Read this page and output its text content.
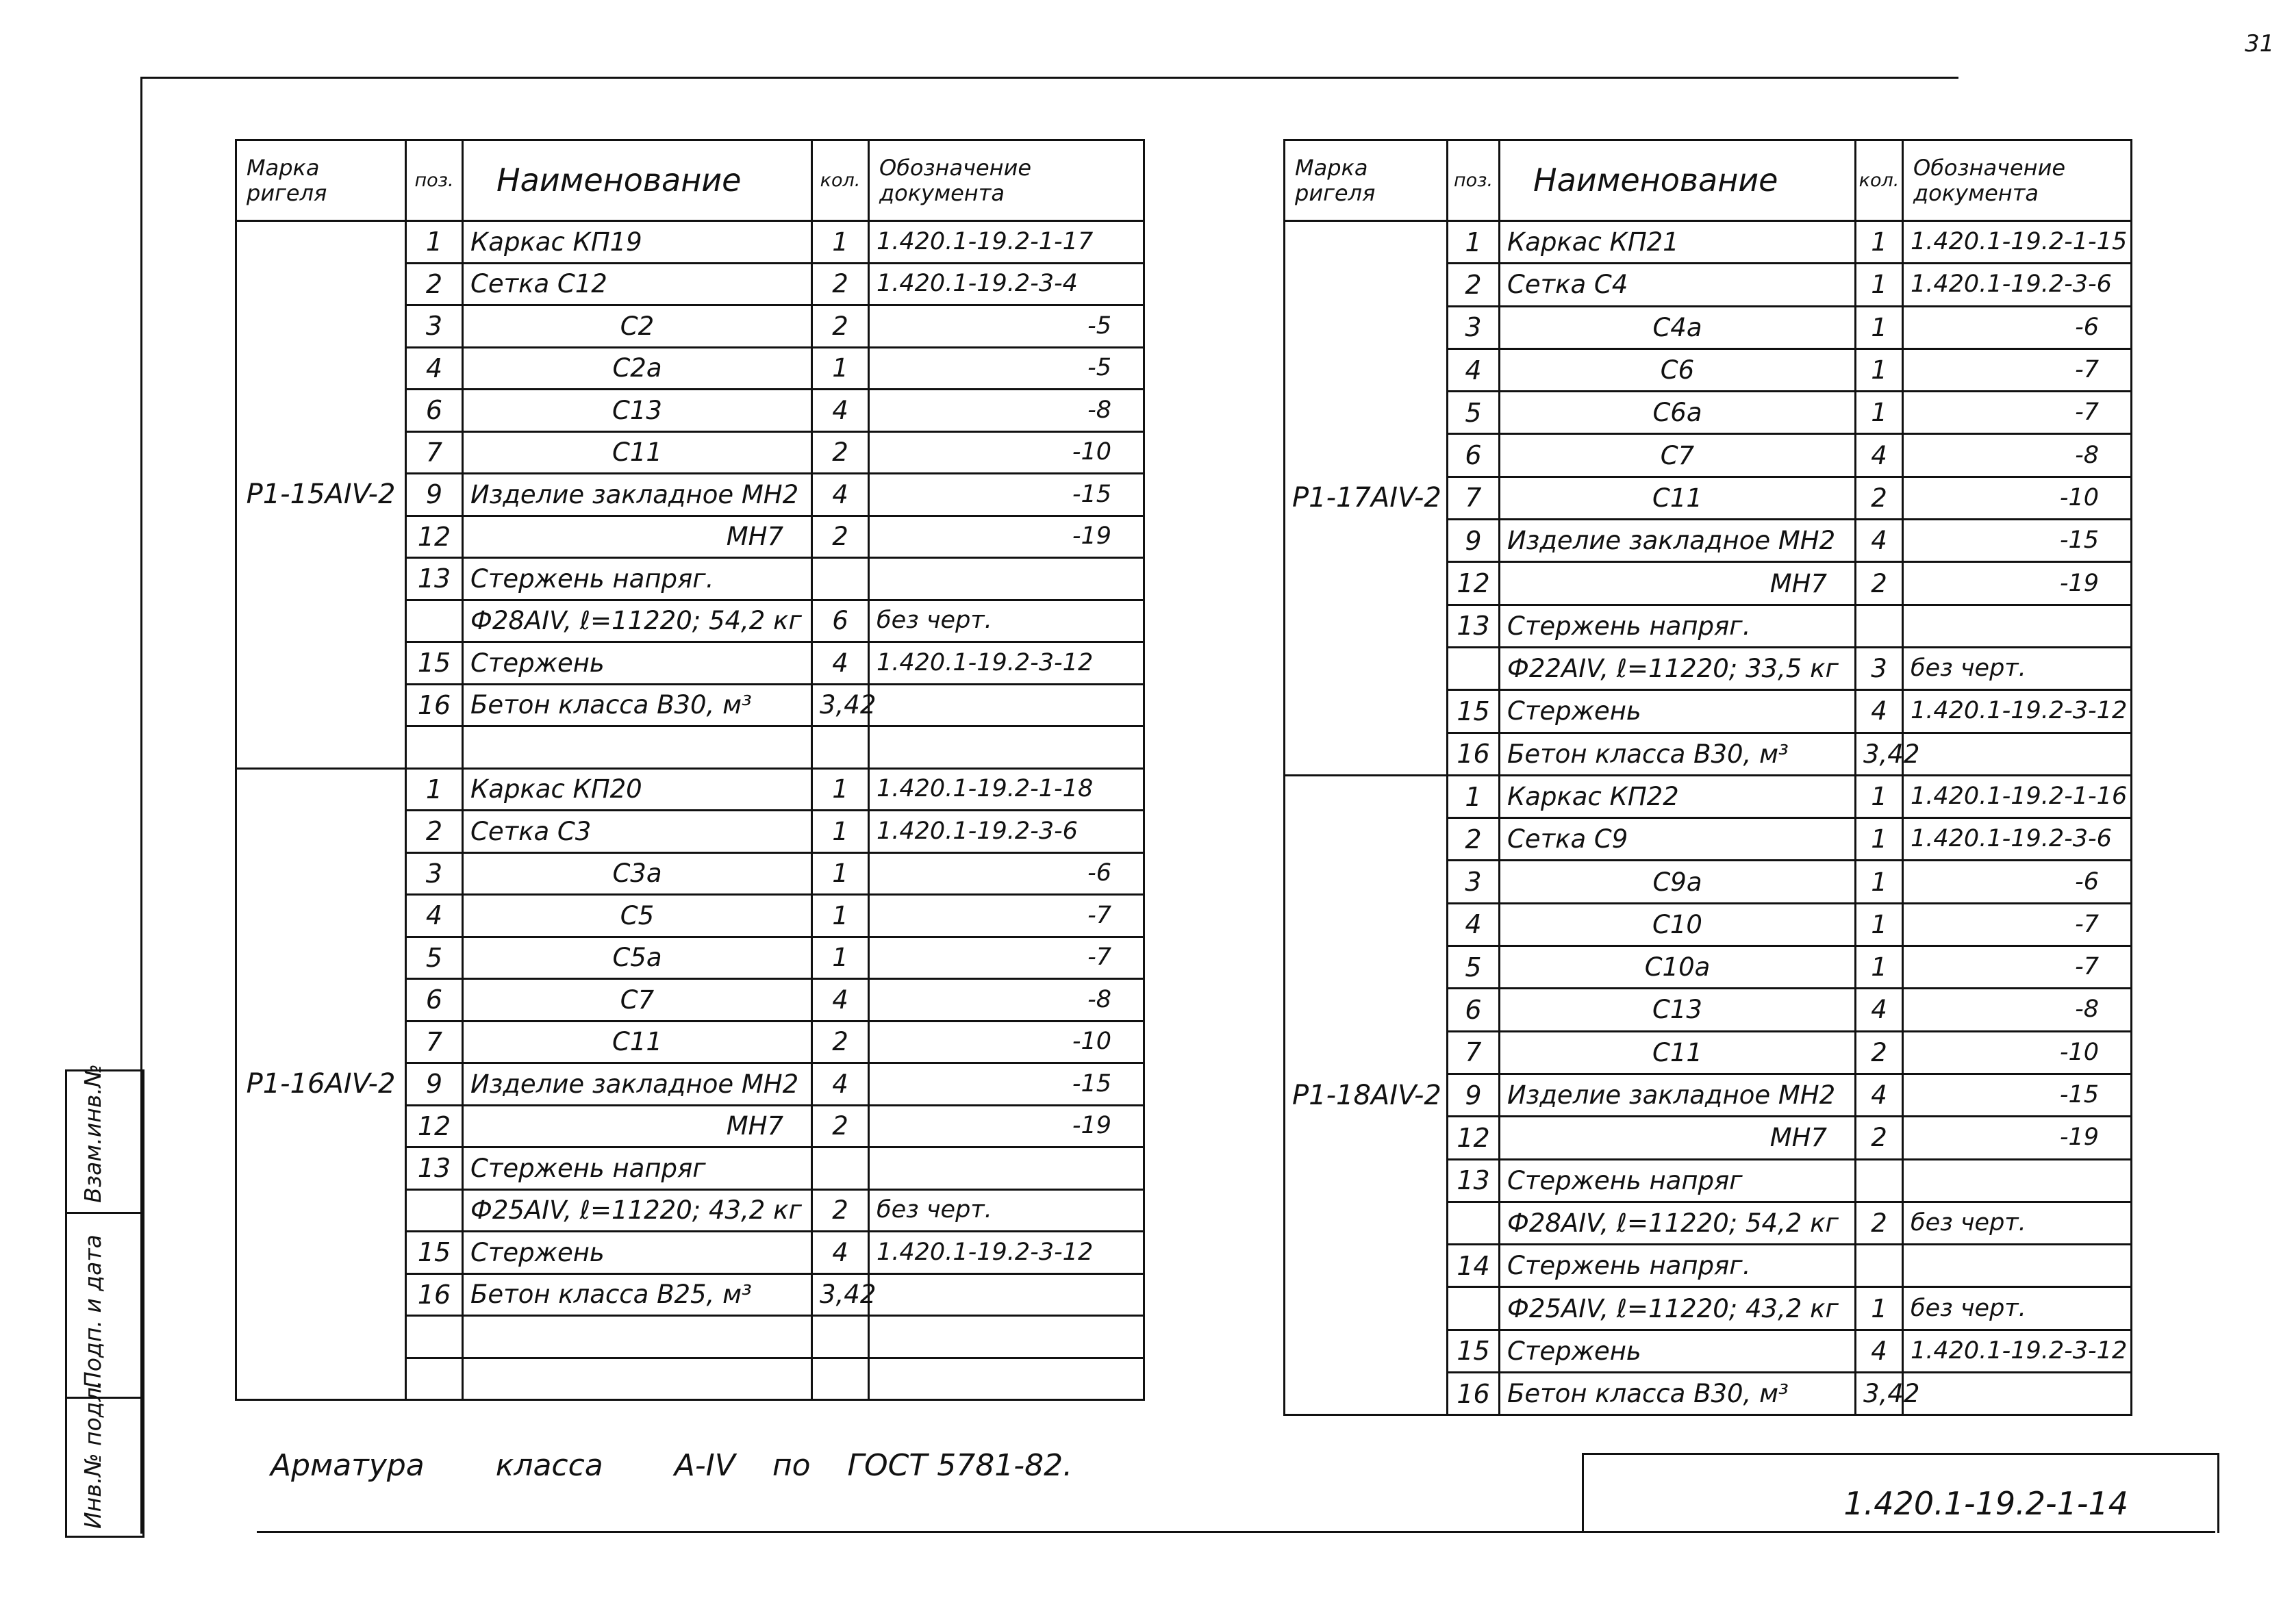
31
Марка ригеля	поз.	Наименование	кол.	Обозначение документа
Р1-15АIV-2	1	Каркас КП19	1	1.420.1-19.2-1-17
	2	Сетка С12	2	1.420.1-19.2-3-4
	3	С2	2	-5
	4	С2а	1	-5
	6	С13	4	-8
	7	С11	2	-10
	9	Изделие закладное МН2	4	-15
	12	МН7	2	-19
	13	Стержень напряг.		
		Ф28АIV, ℓ=11220; 54,2 кг	6	без черт.
	15	Стержень	4	1.420.1-19.2-3-12
	16	Бетон класса В30, м³	3,42	

Р1-16АIV-2	1	Каркас КП20	1	1.420.1-19.2-1-18
	2	Сетка С3	1	1.420.1-19.2-3-6
	3	С3а	1	-6
	4	С5	1	-7
	5	С5а	1	-7
	6	С7	4	-8
	7	С11	2	-10
	9	Изделие закладное МН2	4	-15
	12	МН7	2	-19
	13	Стержень напряг		
		Ф25АIV, ℓ=11220; 43,2 кг	2	без черт.
	15	Стержень	4	1.420.1-19.2-3-12
	16	Бетон класса В25, м³	3,42	

Марка ригеля	поз.	Наименование	кол.	Обозначение документа
Р1-17АIV-2	1	Каркас КП21	1	1.420.1-19.2-1-15
	2	Сетка С4	1	1.420.1-19.2-3-6
	3	С4а	1	-6
	4	С6	1	-7
	5	С6а	1	-7
	6	С7	4	-8
	7	С11	2	-10
	9	Изделие закладное МН2	4	-15
	12	МН7	2	-19
	13	Стержень напряг.		
		Ф22АIV, ℓ=11220; 33,5 кг	3	без черт.
	15	Стержень	4	1.420.1-19.2-3-12
	16	Бетон класса В30, м³	3,42	
Р1-18АIV-2	1	Каркас КП22	1	1.420.1-19.2-1-16
	2	Сетка С9	1	1.420.1-19.2-3-6
	3	С9а	1	-6
	4	С10	1	-7
	5	С10а	1	-7
	6	С13	4	-8
	7	С11	2	-10
	9	Изделие закладное МН2	4	-15
	12	МН7	2	-19
	13	Стержень напряг		
		Ф28АIV, ℓ=11220; 54,2 кг	2	без черт.
	14	Стержень напряг.		
		Ф25АIV, ℓ=11220; 43,2 кг	1	без черт.
	15	Стержень	4	1.420.1-19.2-3-12
	16	Бетон класса В30, м³	3,42	
Арматура класса А-IV по ГОСТ 5781-82.
1.420.1-19.2-1-14
Взам.инв.№
Подп. и дата
Инв.№ подл.
